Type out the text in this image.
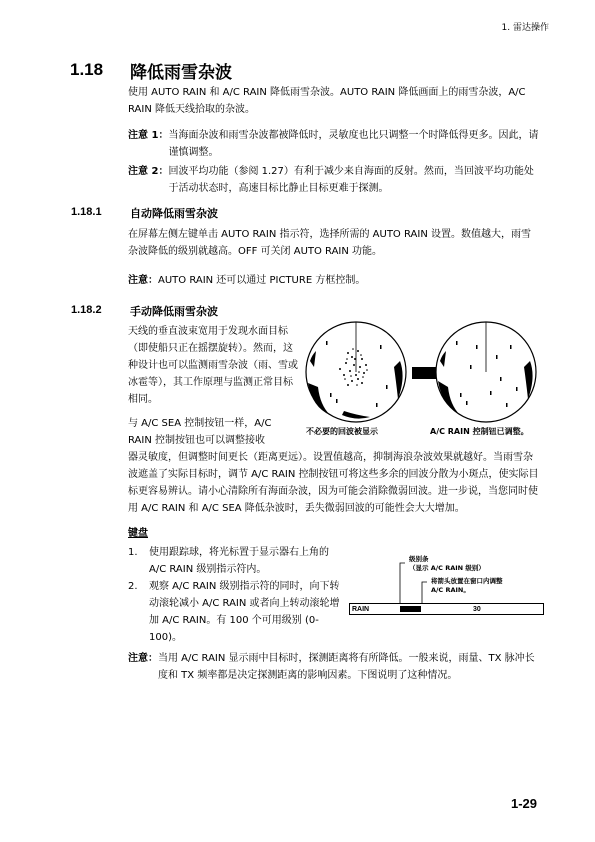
1. 雷达操作
1.18 降低雨雪杂波

使用 AUTO RAIN 和 A/C RAIN 降低雨雪杂波。AUTO RAIN 降低画面上的雨雪杂波，A/C RAIN 降低天线拾取的杂波。

注意 1： 当海面杂波和雨雪杂波都被降低时，灵敏度也比只调整一个时降低得更多。因此，请谨慎调整。
注意 2： 回波平均功能（参阅 1.27）有利于减少来自海面的反射。然而，当回波平均功能处于活动状态时，高速目标比静止目标更难于探测。
1.18.1	自动降低雨雪杂波

在屏幕左侧左键单击 AUTO RAIN 指示符，选择所需的 AUTO RAIN 设置。数值越大，雨雪杂波降低的级别就越高。OFF 可关闭 AUTO RAIN 功能。

注意： AUTO RAIN 还可以通过 PICTURE 方框控制。
1.18.2	手动降低雨雪杂波

天线的垂直波束宽用于发现水面目标（即使船只正在摇摆旋转）。然而，这种设计也可以监测雨雪杂波（雨、雪或冰雹等），其工作原理与监测正常目标相同。

与 A/C SEA 控制按钮一样，A/C RAIN 控制按钮也可以调整接收

不必要的回波被显示	A/C RAIN 控制钮已调整。

器灵敏度，但调整时间更长（距离更远）。设置值越高，抑制海浪杂波效果就越好。当雨雪杂波遮盖了实际目标时，调节 A/C RAIN 控制按钮可将这些多余的回波分散为小斑点，使实际目标更容易辨认。请小心清除所有海面杂波，因为可能会消除微弱回波。进一步说，当您同时使用 A/C RAIN 和 A/C SEA 降低杂波时，丢失微弱回波的可能性会大大增加。

键盘
1.	使用跟踪球，将光标置于显示器右上角的 A/C RAIN 级别指示符内。
2.	观察 A/C RAIN 级别指示符的同时，向下转动滚轮减小 A/C RAIN 或者向上转动滚轮增加 A/C RAIN。有 100 个可用级别 (0-100)。
级别条
（显示 A/C RAIN 级别）
将箭头放置在窗口内调整
A/C RAIN。
RAIN	30
注意： 当用 A/C RAIN 显示雨中目标时，探测距离将有所降低。一般来说，雨量、TX 脉冲长度和 TX 频率都是决定探测距离的影响因素。下图说明了这种情况。
1-29
